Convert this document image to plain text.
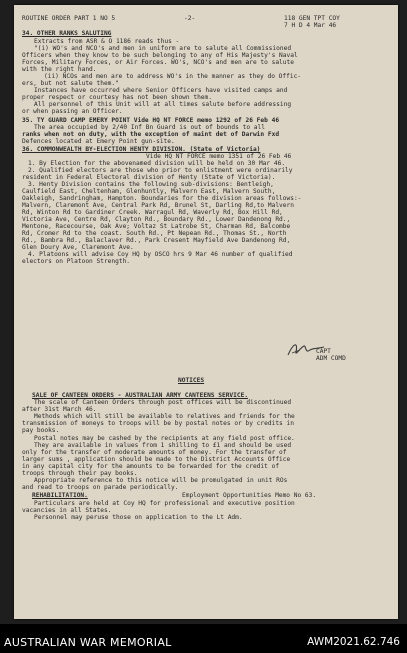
ROUTINE ORDER PART 1 NO 5	-2-	118 GEN TPT COY
7 H D 4 Mar 46
34. OTHER RANKS SALUTING
Extracts from ASR & O 1186 reads thus -
"(i) WO's and NCO's and men in uniform are to salute all Commissioned
Officers when they know to be such belonging to any of His Majesty's Naval
Forces, Military Forces, or Air Forces. WO's, NCO's and men are to salute
with the right hand.
(ii) NCOs and men are to address WO's in the manner as they do Offic-
ers, but not salute them."
Instances have occurred where Senior Officers have visited camps and
proper respect or courtesy has not been shown them.
All personnel of this Unit will at all times salute before addressing
or when passing an Officer.
35. TY GUARD CAMP EMERY POINT Vide HQ NT FORCE memo 1292 of 26 Feb 46
The area occupied by 2/40 Inf Bn Guard is out of bounds to all
ranks when not on duty, with the exception of maint det of Darwin Fxd
Defences located at Emery Point gun-site.
36. COMMONWEALTH BY-ELECTION HENTY DIVISION. (State of Victoria)
Vide HQ NT FORCE memo 1351 of 26 Feb 46
1. By Election for the abovenamed division will be held on 30 Mar 46.
2. Qualified electors are those who prior to enlistment were ordinarily
resident in Federal Electoral division of Henty (State of Victoria).
3. Henty Division contains the following sub-divisions: Bentleigh,
Caulfield East, Cheltenham, Glenhuntly, Malvern East, Malvern South,
Oakleigh, Sandringham, Hampton. Boundaries for the division areas follows:-
Malvern, Claremont Ave, Central Park Rd, Brunel St, Darling Rd,to Malvern
Rd, Winton Rd to Gardiner Creek. Warragul Rd, Waverly Rd, Box Hill Rd,
Victoria Ave, Centre Rd, Clayton Rd., Boundary Rd., Lower Dandenong Rd.,
Mentone, Racecourse, Oak Ave; Voltaz St Latrobe St, Charman Rd, Balcombe
Rd, Cromer Rd to the coast. South Rd., Pt Nepean Rd., Thomas St., North
Rd., Bambra Rd., Balaclaver Rd., Park Cresent Mayfield Ave Dandenong Rd,
Glen Doury Ave, Claremont Ave.
4. Platoons will advise Coy HQ by OSCO hrs 9 Mar 46 number of qualified
electors on Platoon Strength.
CAPT
ADM COMD
NOTICES
SALE OF CANTEEN ORDERS - AUSTRALIAN ARMY CANTEENS SERVICE.
The scale of Canteen Orders through post offices will be discontinued
after 31st March 46.
Methods which will still be available to relatives and friends for the
transmission of moneys to troops will be by postal notes or by credits in
pay books.
Postal notes may be cashed by the recipients at any field post office.
They are available in values from 1 shilling to £1 and should be used
only for the transfer of moderate amounts of money. For the transfer of
larger sums , application should be made to the District Accounts Office
in any capital city for the amounts to be forwarded for the credit of
troops through their pay books.
Appropriate reference to this notice will be promulgated in unit ROs
and read to troops on parade periodically.
REHABILITATION.	Employment Opportunities Memo No 63.
Particulars are held at Coy HQ for professional and executive position
vacancies in all States.
Personnel may peruse those on application to the Lt Adm.
AUSTRALIAN WAR MEMORIAL	AWM2021.62.746
